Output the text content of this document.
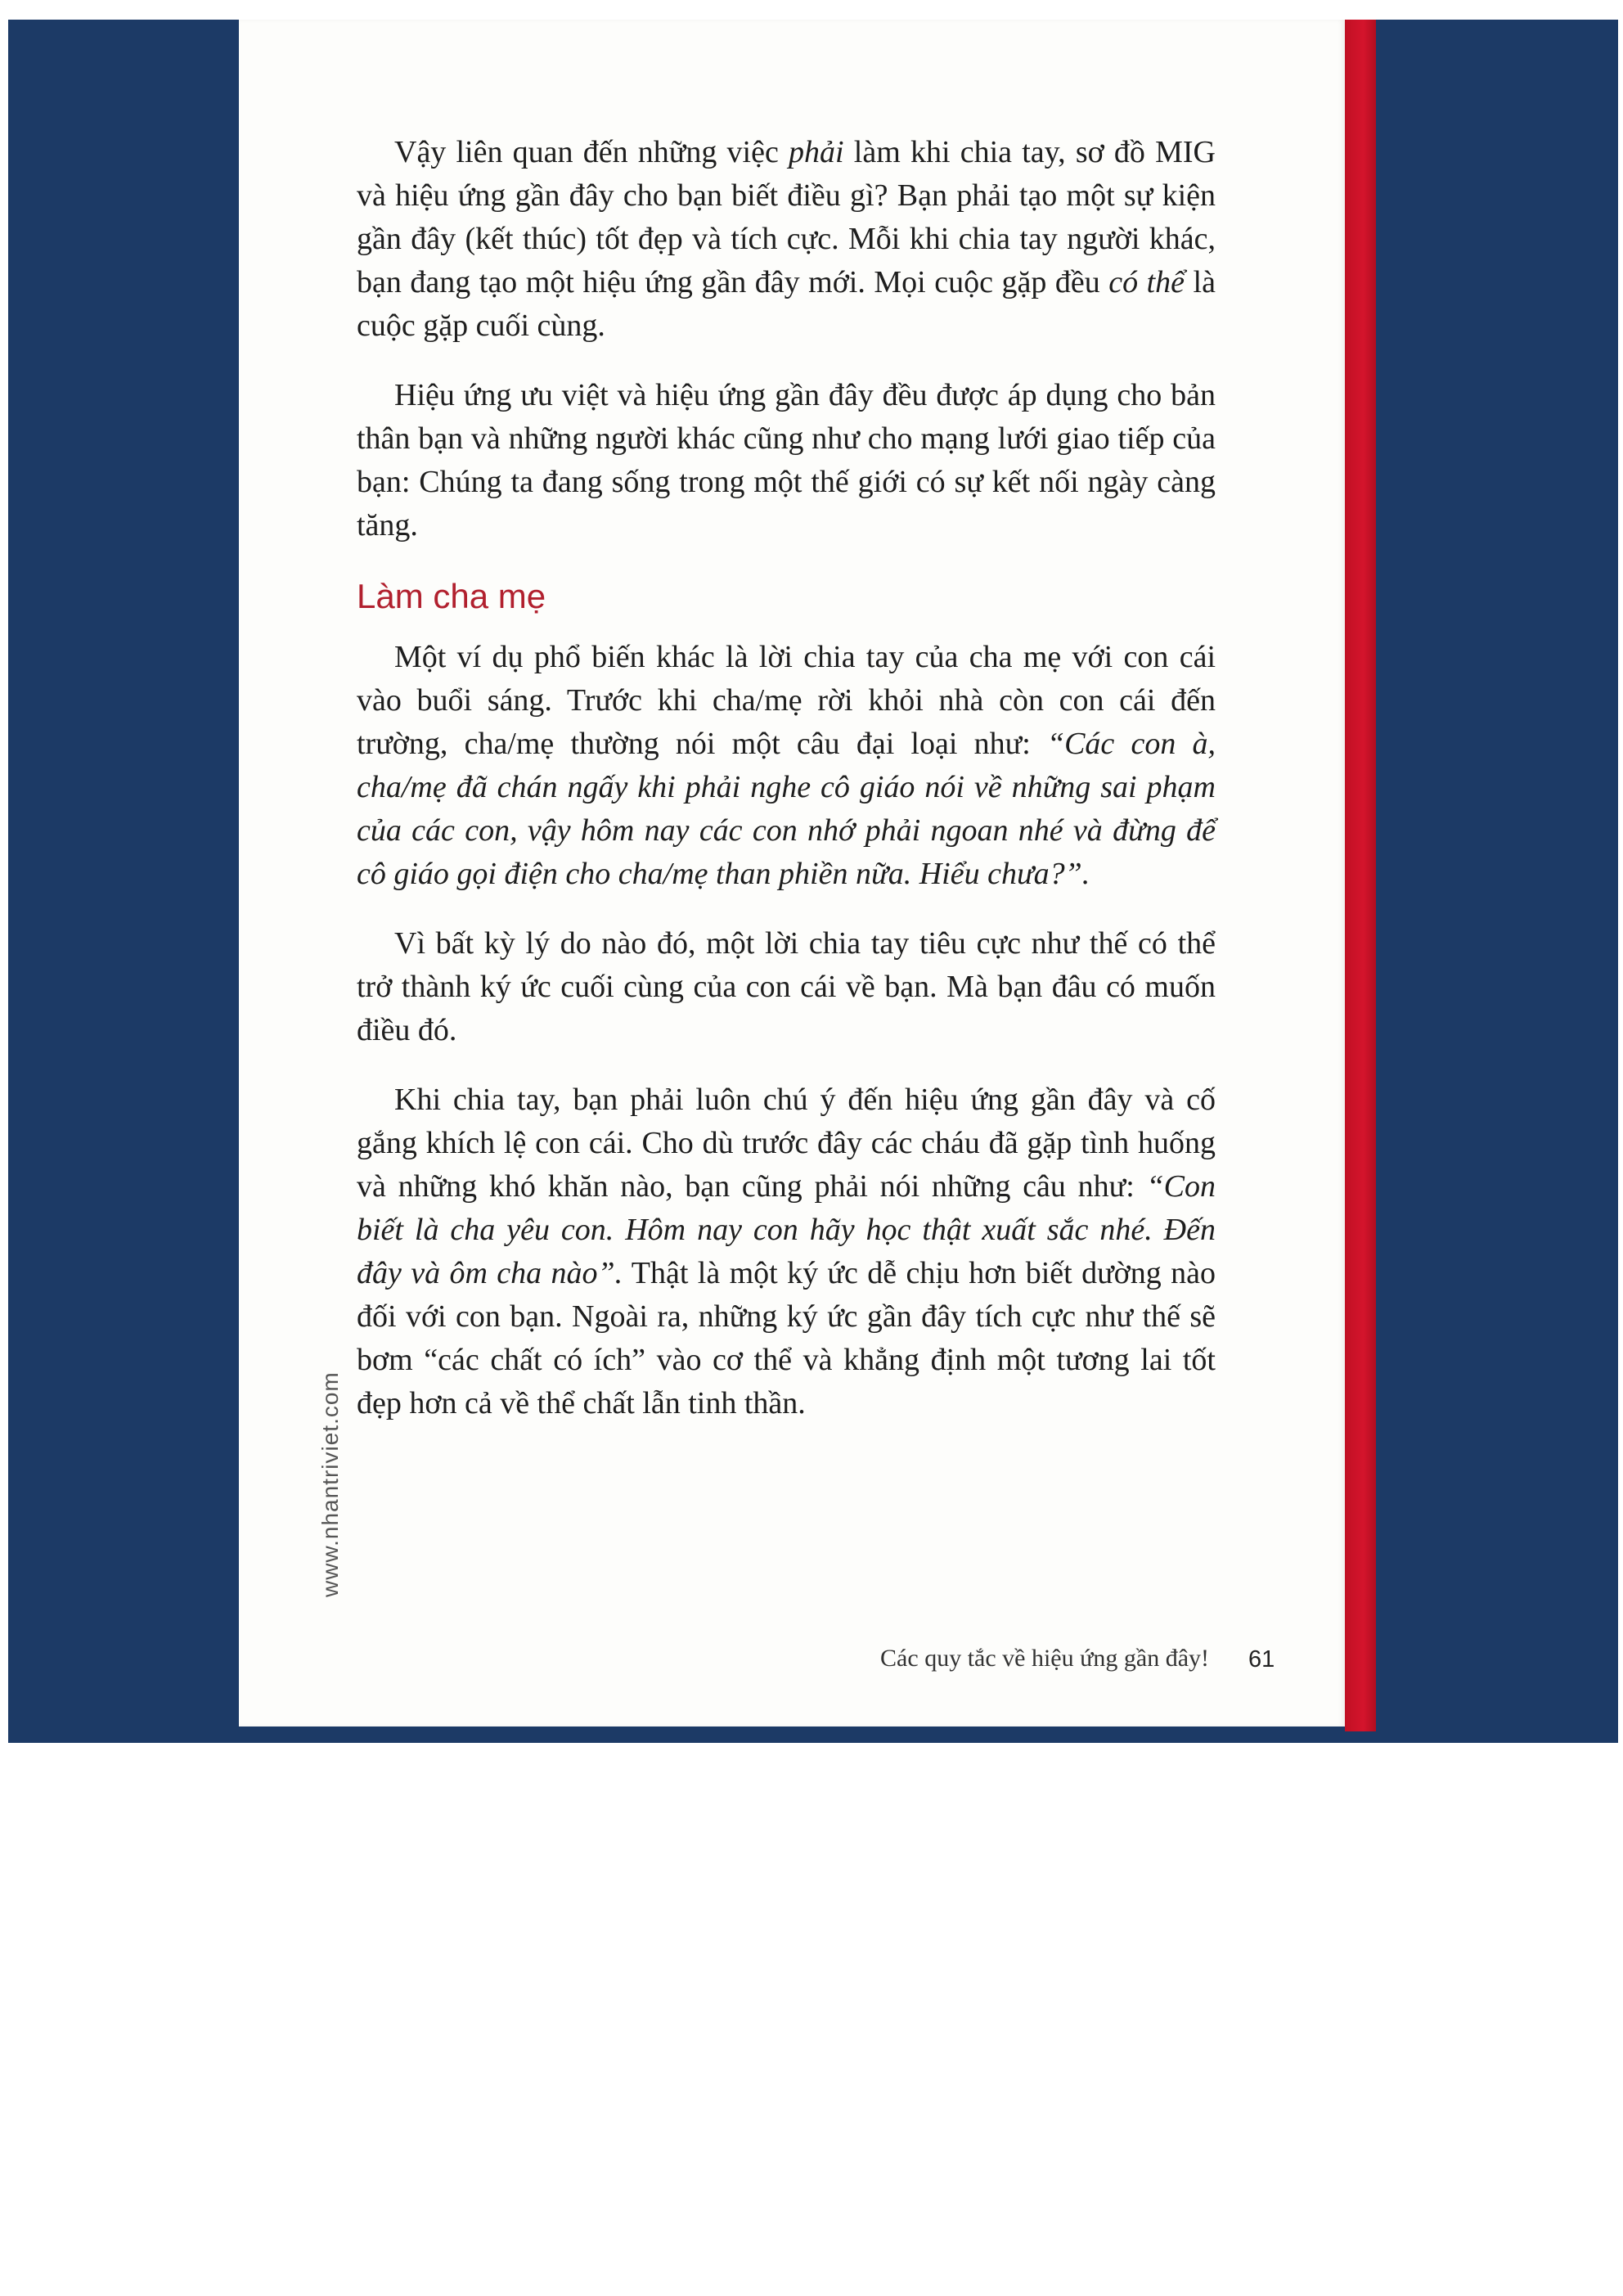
Vậy liên quan đến những việc phải làm khi chia tay, sơ đồ MIG và hiệu ứng gần đây cho bạn biết điều gì? Bạn phải tạo một sự kiện gần đây (kết thúc) tốt đẹp và tích cực. Mỗi khi chia tay người khác, bạn đang tạo một hiệu ứng gần đây mới. Mọi cuộc gặp đều có thể là cuộc gặp cuối cùng.

Hiệu ứng ưu việt và hiệu ứng gần đây đều được áp dụng cho bản thân bạn và những người khác cũng như cho mạng lưới giao tiếp của bạn: Chúng ta đang sống trong một thế giới có sự kết nối ngày càng tăng.

Làm cha mẹ

Một ví dụ phổ biến khác là lời chia tay của cha mẹ với con cái vào buổi sáng. Trước khi cha/mẹ rời khỏi nhà còn con cái đến trường, cha/mẹ thường nói một câu đại loại như: “Các con à, cha/mẹ đã chán ngấy khi phải nghe cô giáo nói về những sai phạm của các con, vậy hôm nay các con nhớ phải ngoan nhé và đừng để cô giáo gọi điện cho cha/mẹ than phiền nữa. Hiểu chưa?”.

Vì bất kỳ lý do nào đó, một lời chia tay tiêu cực như thế có thể trở thành ký ức cuối cùng của con cái về bạn. Mà bạn đâu có muốn điều đó.

Khi chia tay, bạn phải luôn chú ý đến hiệu ứng gần đây và cố gắng khích lệ con cái. Cho dù trước đây các cháu đã gặp tình huống và những khó khăn nào, bạn cũng phải nói những câu như: “Con biết là cha yêu con. Hôm nay con hãy học thật xuất sắc nhé. Đến đây và ôm cha nào”. Thật là một ký ức dễ chịu hơn biết dường nào đối với con bạn. Ngoài ra, những ký ức gần đây tích cực như thế sẽ bơm “các chất có ích” vào cơ thể và khẳng định một tương lai tốt đẹp hơn cả về thể chất lẫn tinh thần.

www.nhantriviet.com
Các quy tắc về hiệu ứng gần đây! 61
